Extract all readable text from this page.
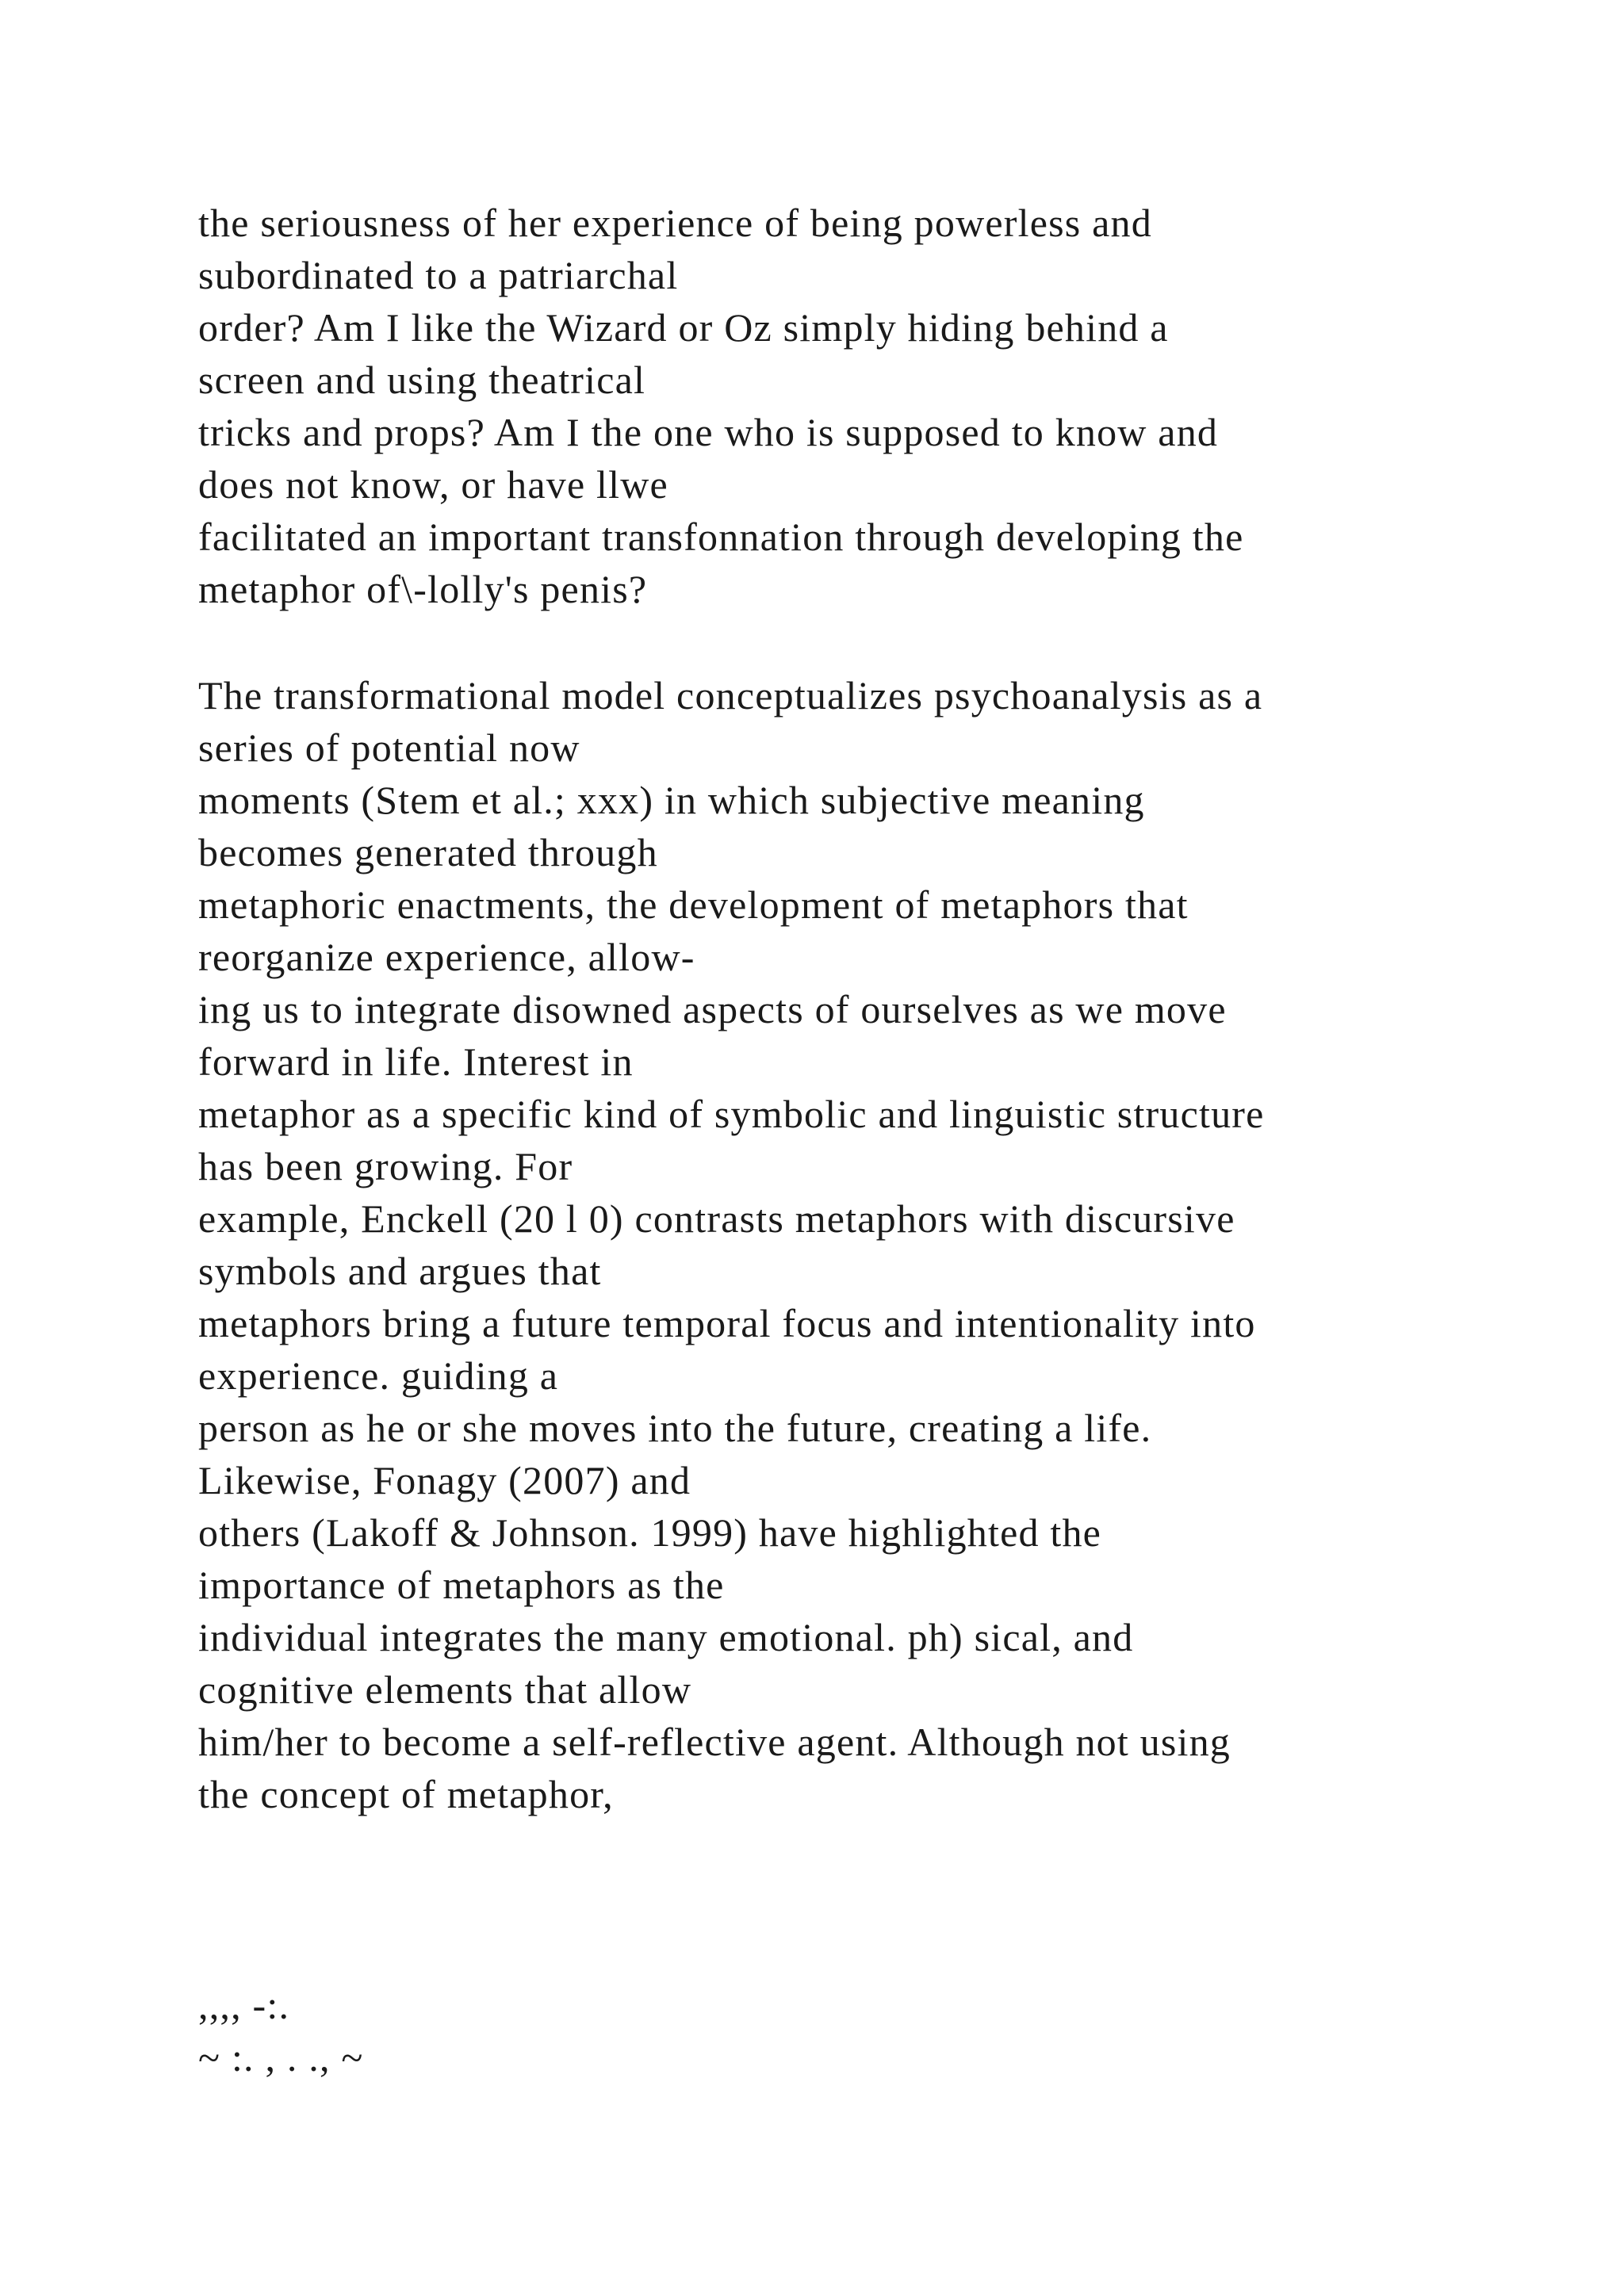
the seriousness of her experience of being powerless and
subordinated to a patriarchal
order? Am I like the Wizard or Oz simply hiding behind a
screen and using theatrical
tricks and props? Am I the one who is supposed to know and
does not know, or have llwe
facilitated an important transfonnation through developing the
metaphor of\-lolly's penis?
The transformational model conceptualizes psychoanalysis as a
series of potential now
moments (Stem et al.; xxx) in which subjective meaning
becomes generated through
metaphoric enactments, the development of metaphors that
reorganize experience, allow-
ing us to integrate disowned aspects of ourselves as we move
forward in life. Interest in
metaphor as a specific kind of symbolic and linguistic structure
has been growing. For
example, Enckell (20 l 0) contrasts metaphors with discursive
symbols and argues that
metaphors bring a future temporal focus and intentionality into
experience. guiding a
person as he or she moves into the future, creating a life.
Likewise, Fonagy (2007) and
others (Lakoff & Johnson. 1999) have highlighted the
importance of metaphors as the
individual integrates the many emotional. ph) sical, and
cognitive elements that allow
him/her to become a self-reflective agent. Although not using
the concept of metaphor,
,,,, -:.
~ :. , . ., ~
